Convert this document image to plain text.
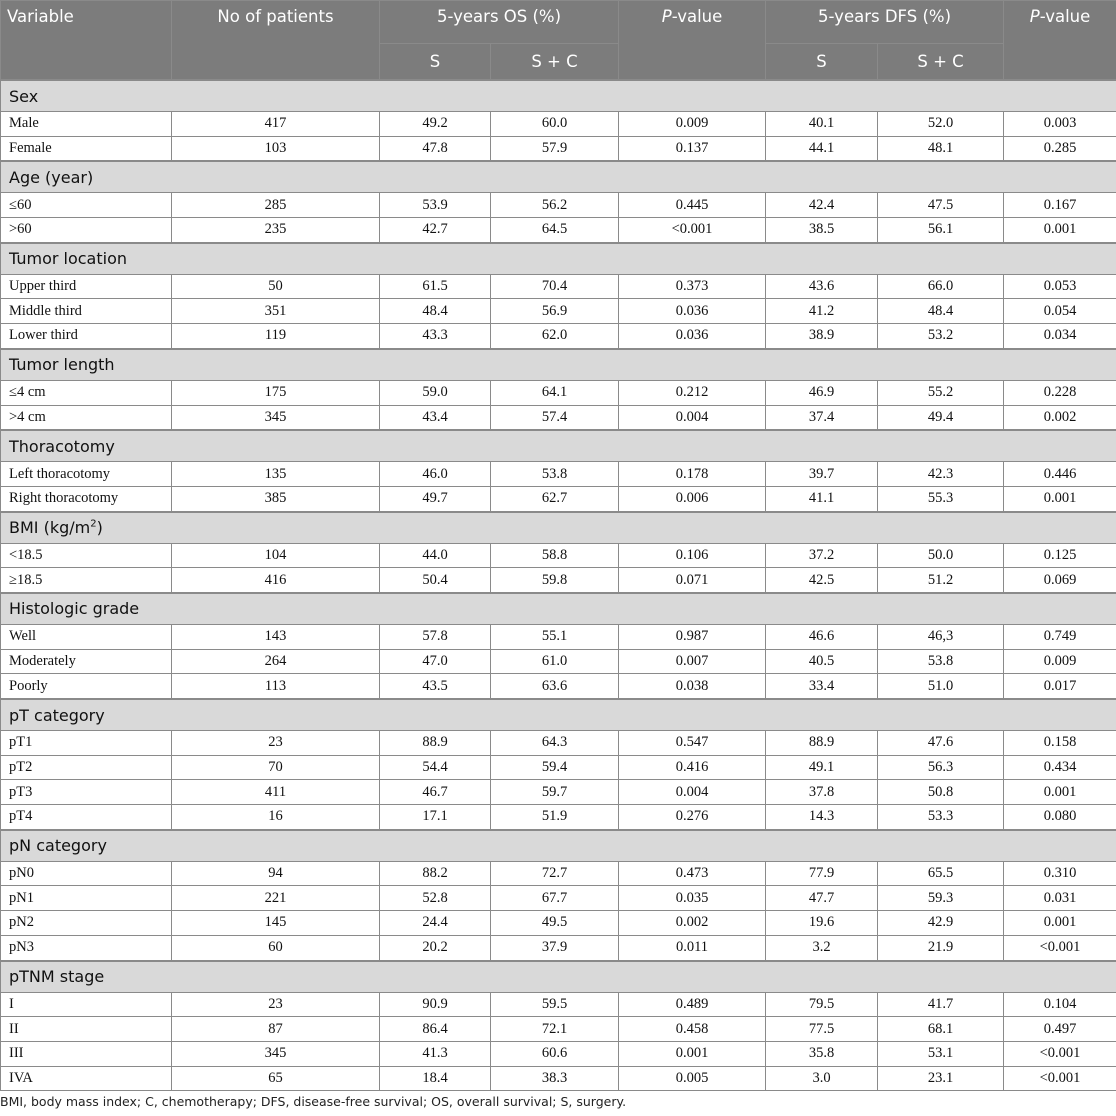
Variable	No of patients	5-years OS (%)		P-value	5-years DFS (%)		P-value
		S	S + C		S	S + C	
Sex							
Male	417	49.2	60.0	0.009	40.1	52.0	0.003
Female	103	47.8	57.9	0.137	44.1	48.1	0.285
Age (year)							
≤60	285	53.9	56.2	0.445	42.4	47.5	0.167
>60	235	42.7	64.5	<0.001	38.5	56.1	0.001
Tumor location							
Upper third	50	61.5	70.4	0.373	43.6	66.0	0.053
Middle third	351	48.4	56.9	0.036	41.2	48.4	0.054
Lower third	119	43.3	62.0	0.036	38.9	53.2	0.034
Tumor length							
≤4 cm	175	59.0	64.1	0.212	46.9	55.2	0.228
>4 cm	345	43.4	57.4	0.004	37.4	49.4	0.002
Thoracotomy							
Left thoracotomy	135	46.0	53.8	0.178	39.7	42.3	0.446
Right thoracotomy	385	49.7	62.7	0.006	41.1	55.3	0.001
BMI $(kg/m^2)$							
<18.5	104	44.0	58.8	0.106	37.2	50.0	0.125
≥18.5	416	50.4	59.8	0.071	42.5	51.2	0.069
Histologic grade							
Well	143	57.8	55.1	0.987	46.6	46,3	0.749
Moderately	264	47.0	61.0	0.007	40.5	53.8	0.009
Poorly	113	43.5	63.6	0.038	33.4	51.0	0.017
pT category							
pT1	23	88.9	64.3	0.547	88.9	47.6	0.158
pT2	70	54.4	59.4	0.416	49.1	56.3	0.434
pT3	411	46.7	59.7	0.004	37.8	50.8	0.001
pT4	16	17.1	51.9	0.276	14.3	53.3	0.080
pN category							
pN0	94	88.2	72.7	0.473	77.9	65.5	0.310
pN1	221	52.8	67.7	0.035	47.7	59.3	0.031
pN2	145	24.4	49.5	0.002	19.6	42.9	0.001
pN3	60	20.2	37.9	0.011	3.2	21.9	<0.001
pTNM stage							
I	23	90.9	59.5	0.489	79.5	41.7	0.104
II	87	86.4	72.1	0.458	77.5	68.1	0.497
III	345	41.3	60.6	0.001	35.8	53.1	<0.001
IVA	65	18.4	38.3	0.005	3.0	23.1	<0.001
BMI, body mass index; C, chemotherapy; DFS, disease-free survival; OS, overall survival; S, surgery.
